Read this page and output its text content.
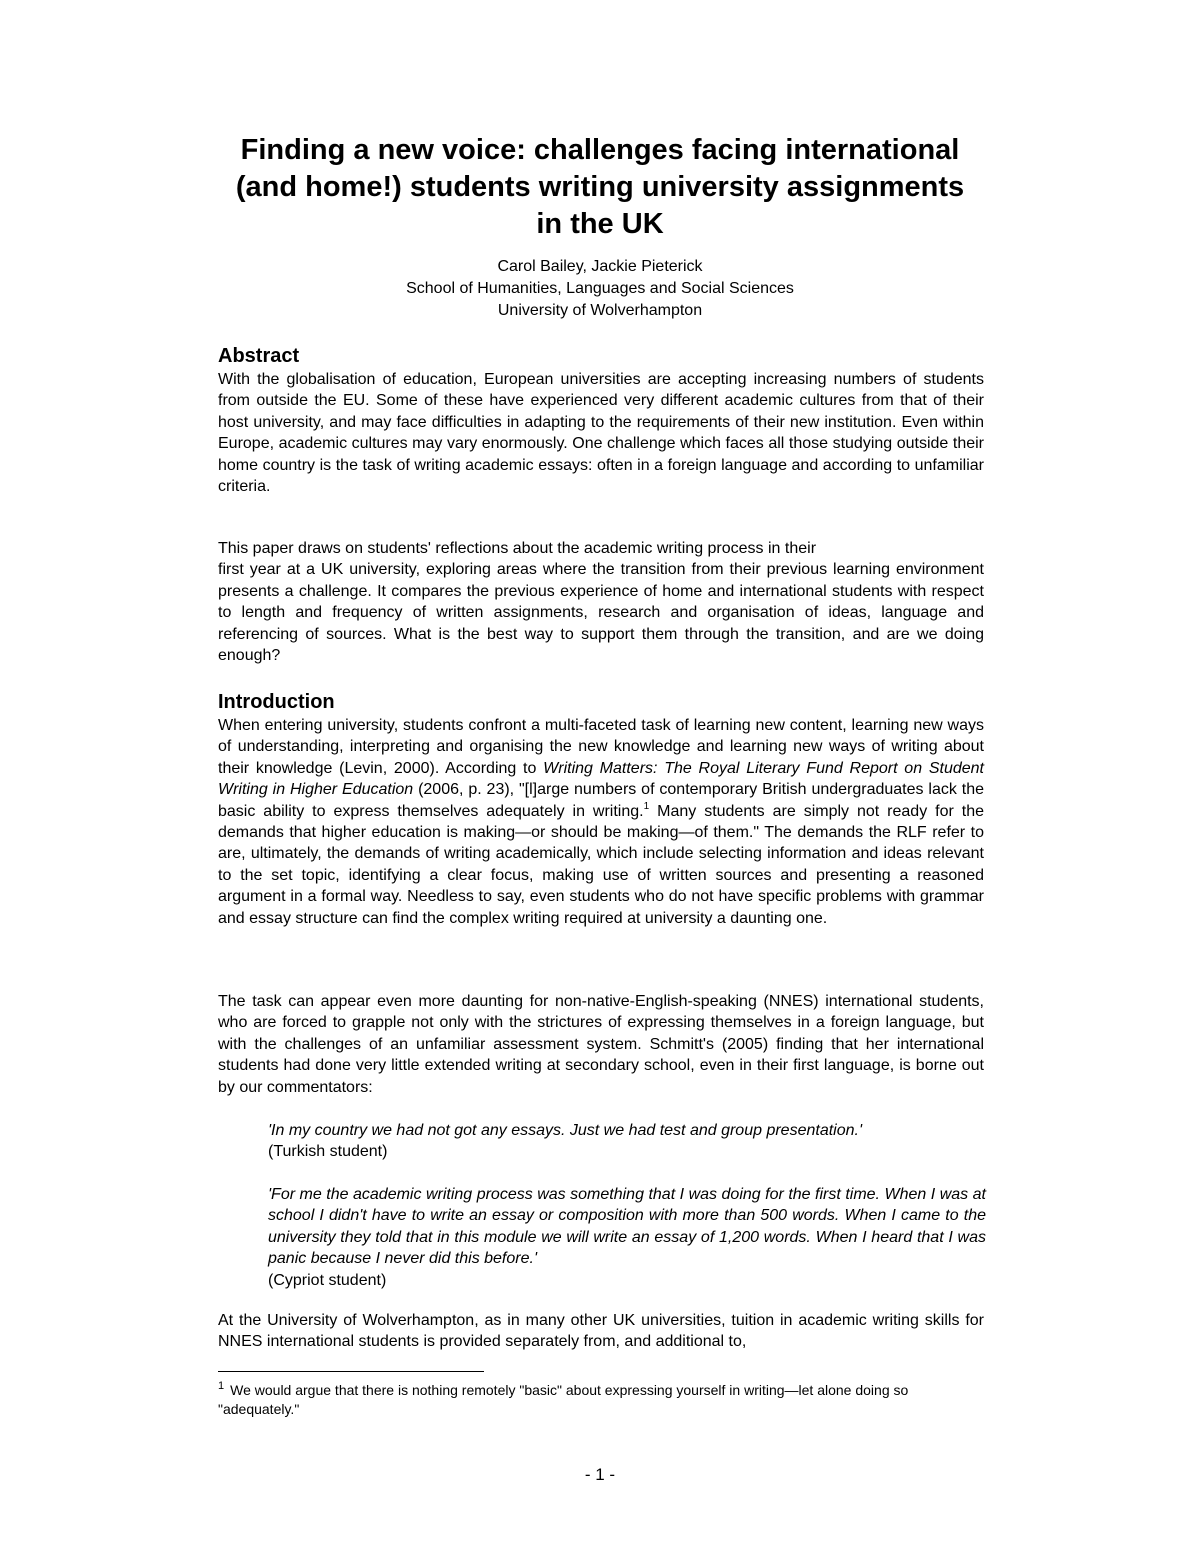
Finding a new voice: challenges facing international
(and home!) students writing university assignments
in the UK
Carol Bailey, Jackie Pieterick
School of Humanities, Languages and Social Sciences
University of Wolverhampton
Abstract

With the globalisation of education, European universities are accepting increasing numbers of students from outside the EU. Some of these have experienced very different academic cultures from that of their host university, and may face difficulties in adapting to the requirements of their new institution. Even within Europe, academic cultures may vary enormously. One challenge which faces all those studying outside their home country is the task of writing academic essays: often in a foreign language and according to unfamiliar criteria.

This paper draws on students' reflections about the academic writing process in their
first year at a UK university, exploring areas where the transition from their previous learning environment presents a challenge. It compares the previous experience of home and international students with respect to length and frequency of written assignments, research and organisation of ideas, language and referencing of sources. What is the best way to support them through the transition, and are we doing enough?

Introduction

When entering university, students confront a multi-faceted task of learning new content, learning new ways of understanding, interpreting and organising the new knowledge and learning new ways of writing about their knowledge (Levin, 2000). According to Writing Matters: The Royal Literary Fund Report on Student Writing in Higher Education (2006, p. 23), "[l]arge numbers of contemporary British undergraduates lack the basic ability to express themselves adequately in writing.$^1$ Many students are simply not ready for the demands that higher education is making—or should be making—of them." The demands the RLF refer to are, ultimately, the demands of writing academically, which include selecting information and ideas relevant to the set topic, identifying a clear focus, making use of written sources and presenting a reasoned argument in a formal way. Needless to say, even students who do not have specific problems with grammar and essay structure can find the complex writing required at university a daunting one.

The task can appear even more daunting for non-native-English-speaking (NNES) international students, who are forced to grapple not only with the strictures of expressing themselves in a foreign language, but with the challenges of an unfamiliar assessment system. Schmitt's (2005) finding that her international students had done very little extended writing at secondary school, even in their first language, is borne out by our commentators:

'In my country we had not got any essays. Just we had test and group presentation.'
(Turkish student)

'For me the academic writing process was something that I was doing for the first time. When I was at school I didn't have to write an essay or composition with more than 500 words. When I came to the university they told that in this module we will write an essay of 1,200 words. When I heard that I was panic because I never did this before.'
(Cypriot student)

At the University of Wolverhampton, as in many other UK universities, tuition in academic writing skills for NNES international students is provided separately from, and additional to,

$^1$ We would argue that there is nothing remotely "basic" about expressing yourself in writing—let alone doing so "adequately."

- 1 -
